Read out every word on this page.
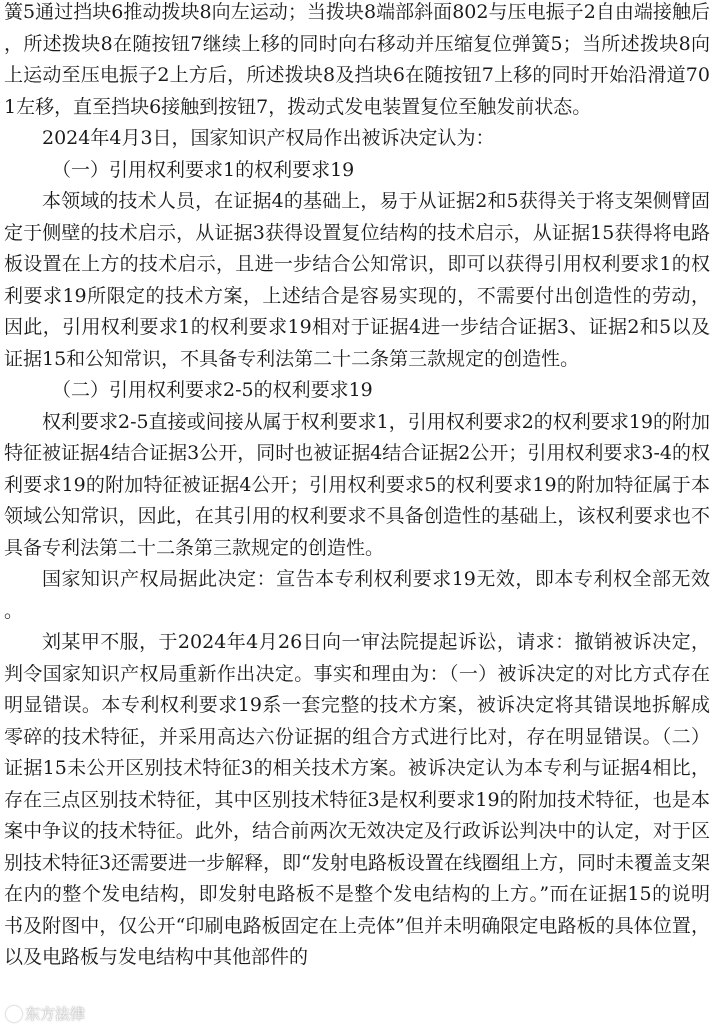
簧5通过挡块6推动拨块8向左运动；当拨块8端部斜面802与压电振子2自由端接触后，所述拨块8在随按钮7继续上移的同时向右移动并压缩复位弹簧5；当所述拨块8向上运动至压电振子2上方后，所述拨块8及挡块6在随按钮7上移的同时开始沿滑道701左移，直至挡块6接触到按钮7，拨动式发电装置复位至触发前状态。

2024年4月3日，国家知识产权局作出被诉决定认为：

（一）引用权利要求1的权利要求19

本领域的技术人员，在证据4的基础上，易于从证据2和5获得关于将支架侧臂固定于侧壁的技术启示，从证据3获得设置复位结构的技术启示，从证据15获得将电路板设置在上方的技术启示，且进一步结合公知常识，即可以获得引用权利要求1的权利要求19所限定的技术方案，上述结合是容易实现的，不需要付出创造性的劳动，因此，引用权利要求1的权利要求19相对于证据4进一步结合证据3、证据2和5以及证据15和公知常识，不具备专利法第二十二条第三款规定的创造性。

（二）引用权利要求2-5的权利要求19

权利要求2-5直接或间接从属于权利要求1，引用权利要求2的权利要求19的附加特征被证据4结合证据3公开，同时也被证据4结合证据2公开；引用权利要求3-4的权利要求19的附加特征被证据4公开；引用权利要求5的权利要求19的附加特征属于本领域公知常识，因此，在其引用的权利要求不具备创造性的基础上，该权利要求也不具备专利法第二十二条第三款规定的创造性。

国家知识产权局据此决定：宣告本专利权利要求19无效，即本专利权全部无效。

刘某甲不服，于2024年4月26日向一审法院提起诉讼，请求：撤销被诉决定，判令国家知识产权局重新作出决定。事实和理由为：（一）被诉决定的对比方式存在明显错误。本专利权利要求19系一套完整的技术方案，被诉决定将其错误地拆解成零碎的技术特征，并采用高达六份证据的组合方式进行比对，存在明显错误。（二）证据15未公开区别技术特征3的相关技术方案。被诉决定认为本专利与证据4相比，存在三点区别技术特征，其中区别技术特征3是权利要求19的附加技术特征，也是本案中争议的技术特征。此外，结合前两次无效决定及行政诉讼判决中的认定，对于区别技术特征3还需要进一步解释，即“发射电路板设置在线圈组上方，同时未覆盖支架在内的整个发电结构，即发射电路板不是整个发电结构的上方。”而在证据15的说明书及附图中，仅公开“印刷电路板固定在上壳体”但并未明确限定电路板的具体位置，以及电路板与发电结构中其他部件的

东方法律
